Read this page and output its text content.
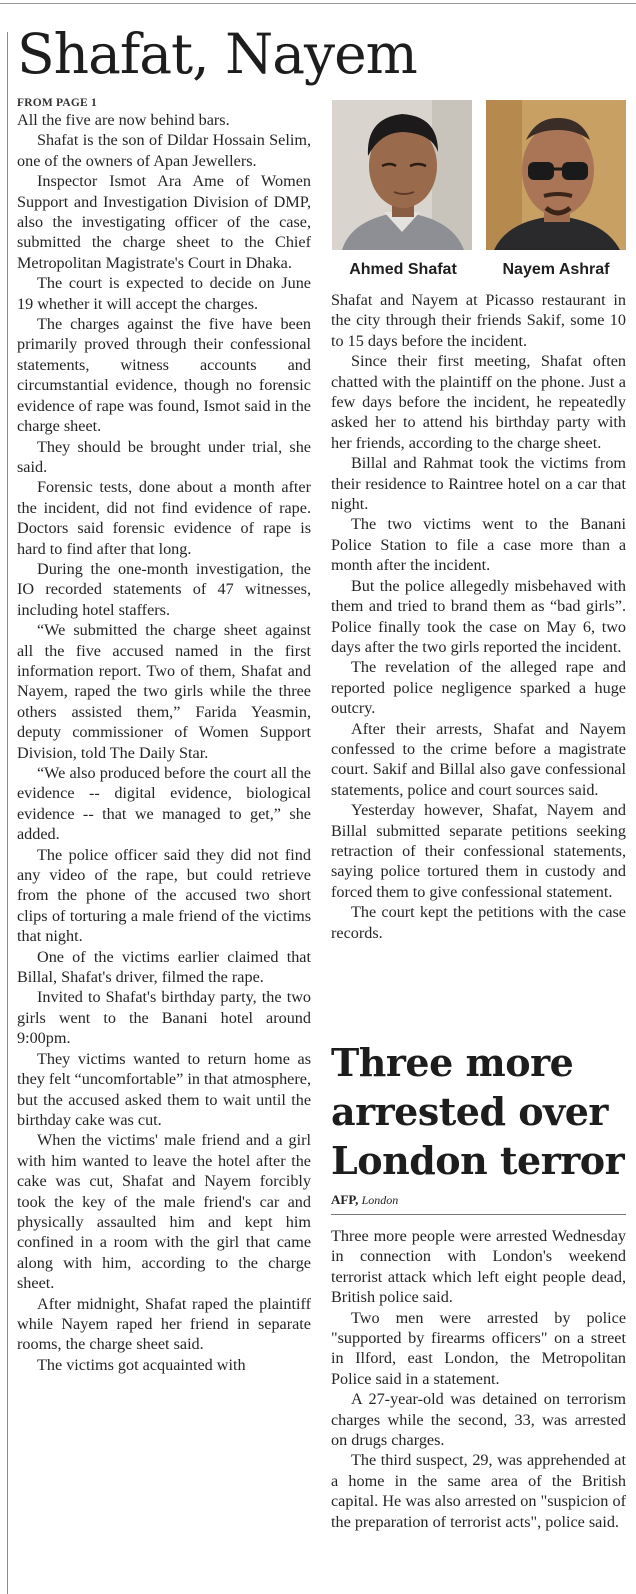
Shafat, Nayem
FROM PAGE 1

All the five are now behind bars.

Shafat is the son of Dildar Hossain Selim, one of the owners of Apan Jewellers.

Inspector Ismot Ara Ame of Women Support and Investigation Division of DMP, also the investigating officer of the case, submitted the charge sheet to the Chief Metropolitan Magistrate's Court in Dhaka.

The court is expected to decide on June 19 whether it will accept the charges.

The charges against the five have been primarily proved through their confessional statements, witness accounts and circumstantial evidence, though no forensic evidence of rape was found, Ismot said in the charge sheet.

They should be brought under trial, she said.

Forensic tests, done about a month after the incident, did not find evidence of rape. Doctors said forensic evidence of rape is hard to find after that long.

During the one-month investigation, the IO recorded statements of 47 witnesses, including hotel staffers.

“We submitted the charge sheet against all the five accused named in the first information report. Two of them, Shafat and Nayem, raped the two girls while the three others assisted them,” Farida Yeasmin, deputy commissioner of Women Support Division, told The Daily Star.

“We also produced before the court all the evidence -- digital evidence, biological evidence -- that we managed to get,” she added.

The police officer said they did not find any video of the rape, but could retrieve from the phone of the accused two short clips of torturing a male friend of the victims that night.

One of the victims earlier claimed that Billal, Shafat's driver, filmed the rape.

Invited to Shafat's birthday party, the two girls went to the Banani hotel around 9:00pm.

They victims wanted to return home as they felt “uncomfortable” in that atmosphere, but the accused asked them to wait until the birthday cake was cut.

When the victims' male friend and a girl with him wanted to leave the hotel after the cake was cut, Shafat and Nayem forcibly took the key of the male friend's car and physically assaulted him and kept him confined in a room with the girl that came along with him, according to the charge sheet.

After midnight, Shafat raped the plaintiff while Nayem raped her friend in separate rooms, the charge sheet said.

The victims got acquainted with

Ahmed Shafat	Nayem Ashraf

Shafat and Nayem at Picasso restaurant in the city through their friends Sakif, some 10 to 15 days before the incident.

Since their first meeting, Shafat often chatted with the plaintiff on the phone. Just a few days before the incident, he repeatedly asked her to attend his birthday party with her friends, according to the charge sheet.

Billal and Rahmat took the victims from their residence to Raintree hotel on a car that night.

The two victims went to the Banani Police Station to file a case more than a month after the incident.

But the police allegedly misbehaved with them and tried to brand them as “bad girls”. Police finally took the case on May 6, two days after the two girls reported the incident.

The revelation of the alleged rape and reported police negligence sparked a huge outcry.

After their arrests, Shafat and Nayem confessed to the crime before a magistrate court. Sakif and Billal also gave confessional statements, police and court sources said.

Yesterday however, Shafat, Nayem and Billal submitted separate petitions seeking retraction of their confessional statements, saying police tortured them in custody and forced them to give confessional statement.

The court kept the petitions with the case records.

Three more arrested over London terror
AFP, London

Three more people were arrested Wednesday in connection with London's weekend terrorist attack which left eight people dead, British police said.

Two men were arrested by police "supported by firearms officers" on a street in Ilford, east London, the Metropolitan Police said in a statement.

A 27-year-old was detained on terrorism charges while the second, 33, was arrested on drugs charges.

The third suspect, 29, was apprehended at a home in the same area of the British capital. He was also arrested on "suspicion of the preparation of terrorist acts", police said.
